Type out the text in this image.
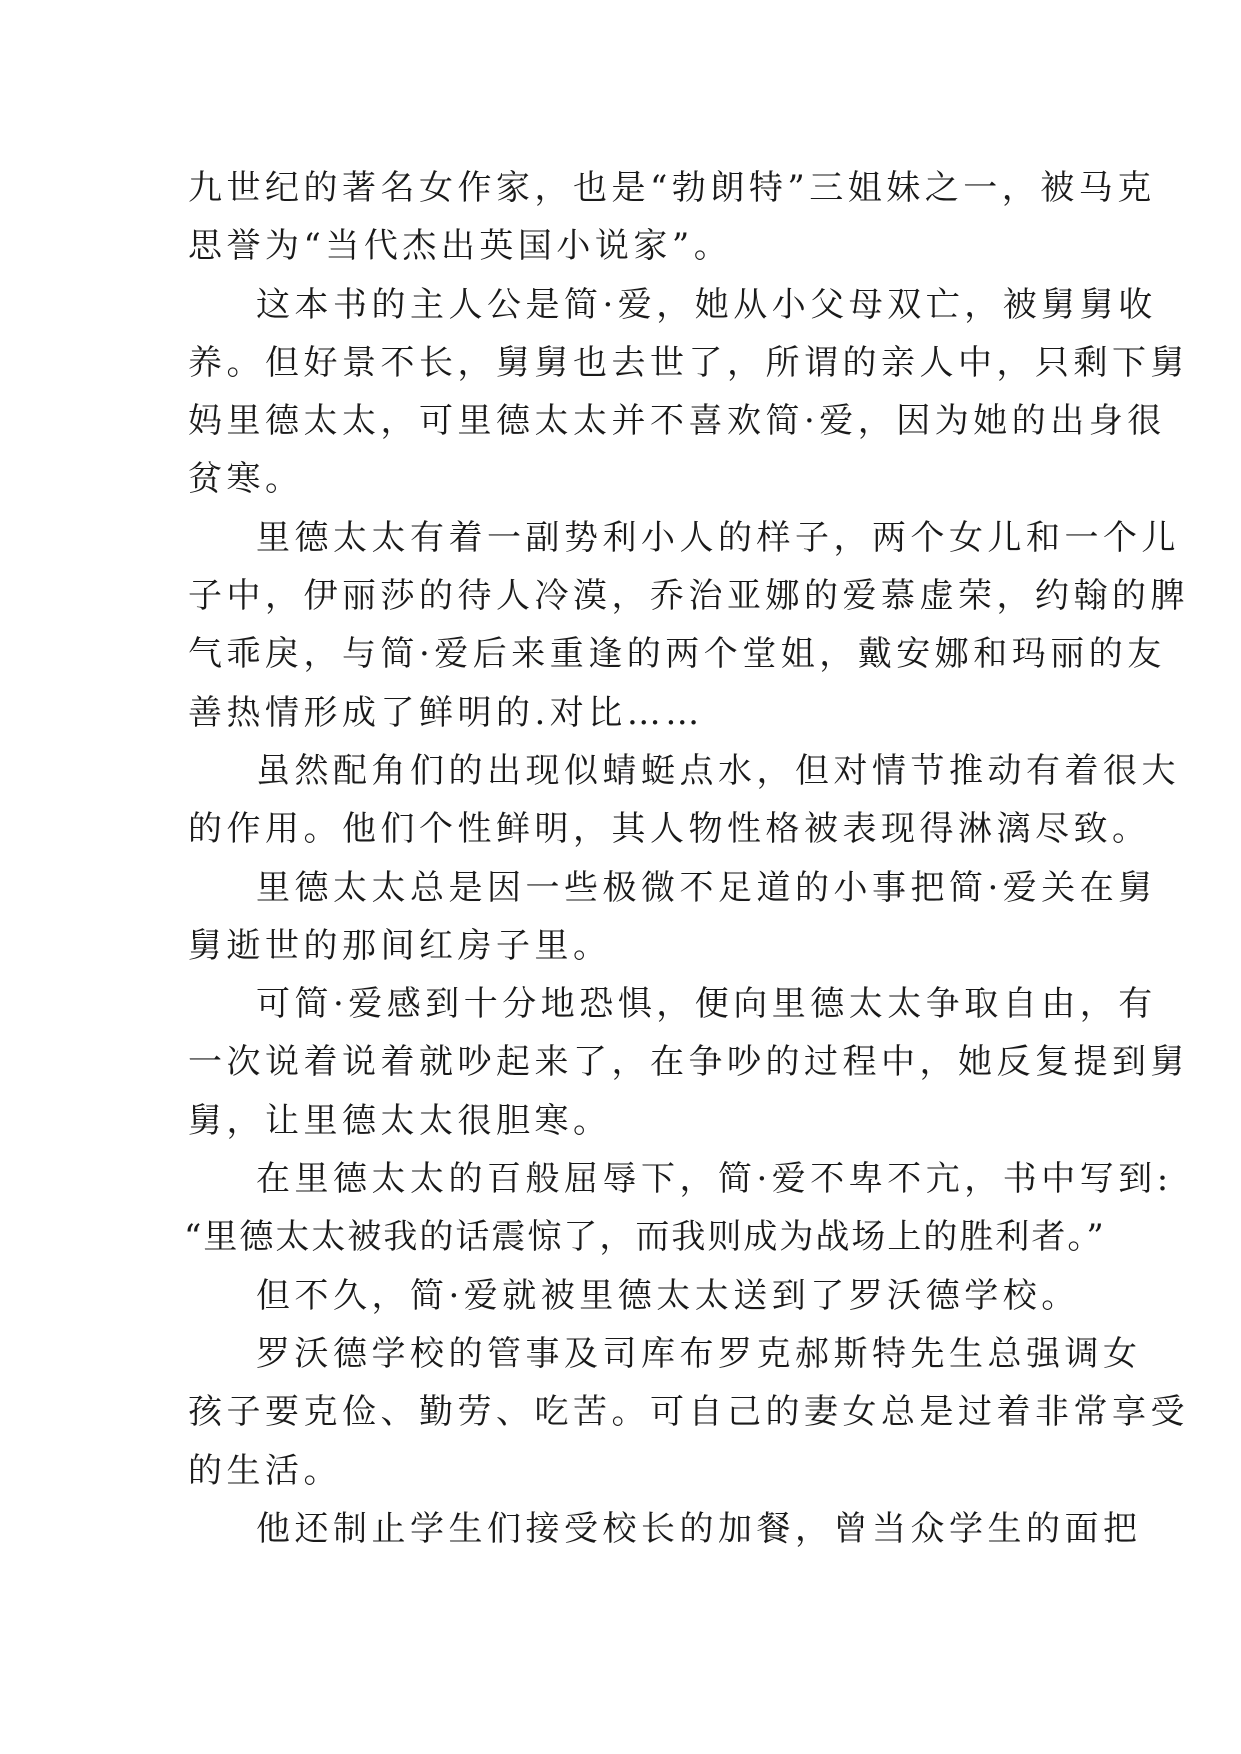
九世纪的著名女作家，也是“勃朗特”三姐妹之一，被马克
思誉为“当代杰出英国小说家”。
这本书的主人公是简·爱，她从小父母双亡，被舅舅收
养。但好景不长，舅舅也去世了，所谓的亲人中，只剩下舅
妈里德太太，可里德太太并不喜欢简·爱，因为她的出身很
贫寒。
里德太太有着一副势利小人的样子，两个女儿和一个儿
子中，伊丽莎的待人冷漠，乔治亚娜的爱慕虚荣，约翰的脾
气乖戾，与简·爱后来重逢的两个堂姐，戴安娜和玛丽的友
善热情形成了鲜明的.对比……
虽然配角们的出现似蜻蜓点水，但对情节推动有着很大
的作用。他们个性鲜明，其人物性格被表现得淋漓尽致。
里德太太总是因一些极微不足道的小事把简·爱关在舅
舅逝世的那间红房子里。
可简·爱感到十分地恐惧，便向里德太太争取自由，有
一次说着说着就吵起来了，在争吵的过程中，她反复提到舅
舅，让里德太太很胆寒。
在里德太太的百般屈辱下，简·爱不卑不亢，书中写到:
“里德太太被我的话震惊了，而我则成为战场上的胜利者。”
但不久，简·爱就被里德太太送到了罗沃德学校。
罗沃德学校的管事及司库布罗克郝斯特先生总强调女
孩子要克俭、勤劳、吃苦。可自己的妻女总是过着非常享受
的生活。
他还制止学生们接受校长的加餐，曾当众学生的面把
